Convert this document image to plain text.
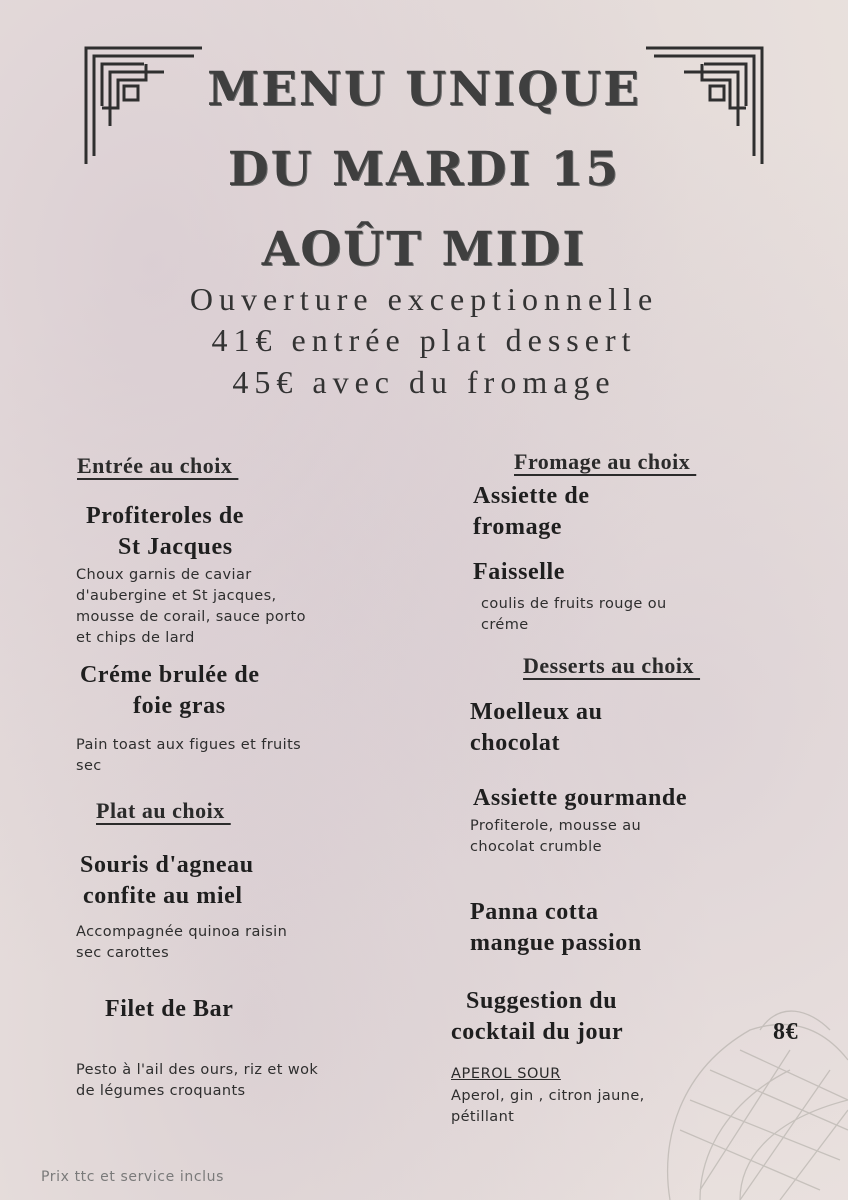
MENU UNIQUE
DU MARDI 15
AOÛT MIDI
Ouverture exceptionnelle
41€ entrée plat dessert
45€ avec du fromage
Entrée au choix
Profiteroles de
St Jacques
Choux garnis de caviar
d'aubergine et St jacques,
mousse de corail, sauce porto
et chips de lard
Créme brulée de
foie gras
Pain toast aux figues et fruits
sec
Plat au choix
Souris d'agneau
confite au miel
Accompagnée quinoa raisin
sec carottes
Filet de Bar
Pesto à l'ail des ours, riz et wok
de légumes croquants
Fromage au choix
Assiette de
fromage
Faisselle
coulis de fruits rouge ou
créme
Desserts au choix
Moelleux au
chocolat
Assiette gourmande
Profiterole, mousse au
chocolat crumble
Panna cotta
mangue passion
Suggestion du
cocktail du jour	8€
APEROL SOUR
Aperol, gin , citron jaune,
pétillant
Prix ttc et service inclus
